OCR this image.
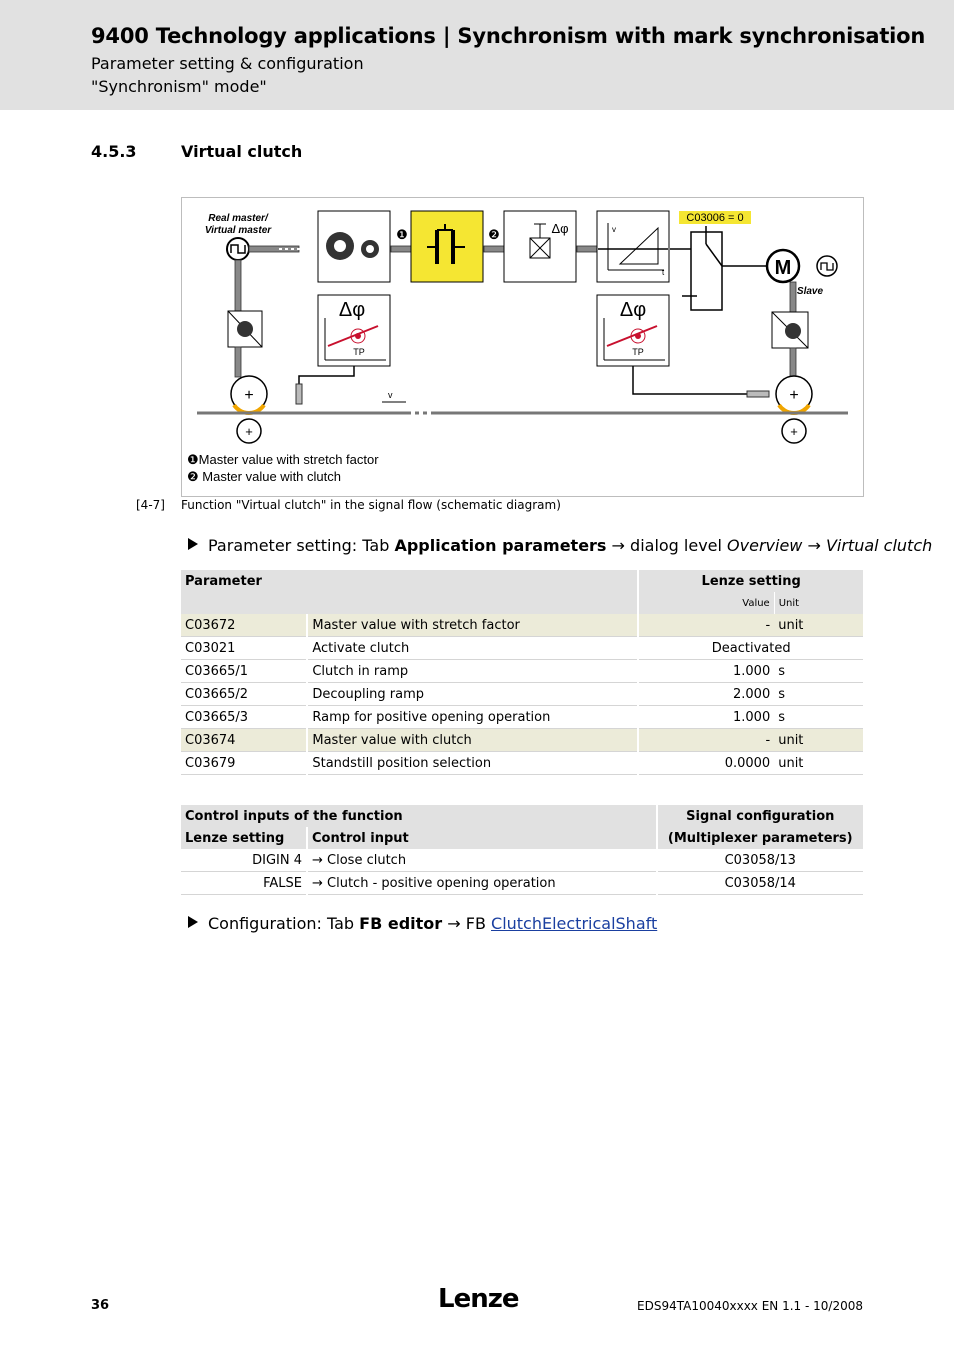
9400 Technology applications | Synchronism with mark synchronisation
Parameter setting & configuration
"Synchronism" mode"
4.5.3	Virtual clutch
Real master/
Virtual master	❶	❷	Δφ	v
t
C03006 = 0
M
Slave
Δφ
TP
Δφ
TP
+	+
v
+	+
❶Master value with stretch factor
❷ Master value with clutch
[4-7] Function "Virtual clutch" in the signal flow (schematic diagram)
Parameter setting: Tab Application parameters → dialog level Overview → Virtual clutch
Parameter		Lenze setting	
		Value	Unit
C03672	Master value with stretch factor	-	unit
C03021	Activate clutch	Deactivated	
C03665/1	Clutch in ramp	1.000	s
C03665/2	Decoupling ramp	2.000	s
C03665/3	Ramp for positive opening operation	1.000	s
C03674	Master value with clutch	-	unit
C03679	Standstill position selection	0.0000	unit
Control inputs of the function		Signal configuration
Lenze setting	Control input	(Multiplexer parameters)
DIGIN 4	→ Close clutch	C03058/13
FALSE	→ Clutch - positive opening operation	C03058/14
Configuration: Tab FB editor → FB ClutchElectricalShaft
36	Lenze	EDS94TA10040xxxx EN 1.1 - 10/2008
